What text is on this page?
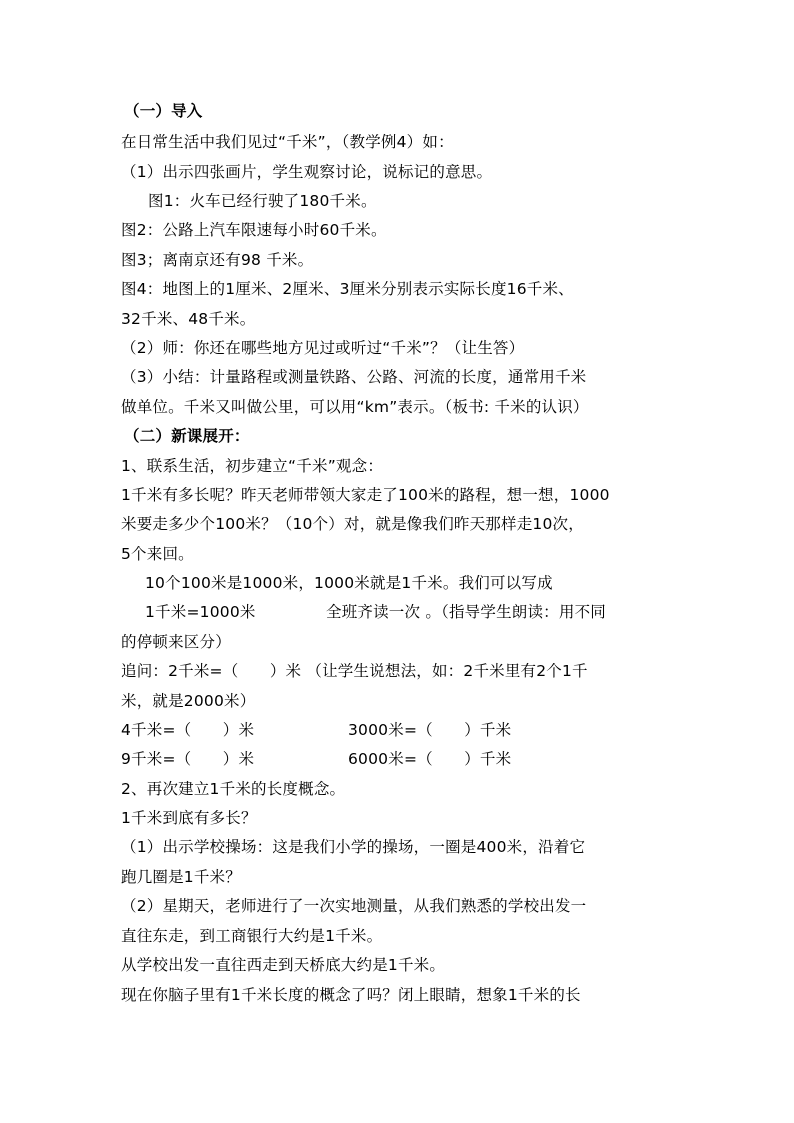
（一）导入
在日常生活中我们见过“千米”，（教学例4）如：
（1）出示四张画片，学生观察讨论，说标记的意思。
图1：火车已经行驶了180千米。
图2：公路上汽车限速每小时60千米。
图3；离南京还有98 千米。
图4：地图上的1厘米、2厘米、3厘米分别表示实际长度16千米、
32千米、48千米。
（2）师：你还在哪些地方见过或听过“千米”？（让生答）
（3）小结：计量路程或测量铁路、公路、河流的长度，通常用千米
做单位。千米又叫做公里，可以用“km”表示。（板书: 千米的认识）
（二）新课展开：
1、联系生活，初步建立“千米”观念：
1千米有多长呢？昨天老师带领大家走了100米的路程，想一想，1000
米要走多少个100米？（10个）对，就是像我们昨天那样走10次，
5个来回。
10个100米是1000米，1000米就是1千米。我们可以写成
1千米=1000米	全班齐读一次 。（指导学生朗读：用不同
的停顿来区分）
追问：2千米=（　　）米 （让学生说想法，如：2千米里有2个1千
米，就是2000米）
4千米=（　　）米	3000米=（　　）千米
9千米=（　　）米	6000米=（　　）千米
2、再次建立1千米的长度概念。
1千米到底有多长？
（1）出示学校操场：这是我们小学的操场，一圈是400米，沿着它
跑几圈是1千米？
（2）星期天，老师进行了一次实地测量，从我们熟悉的学校出发一
直往东走，到工商银行大约是1千米。
从学校出发一直往西走到天桥底大约是1千米。
现在你脑子里有1千米长度的概念了吗？闭上眼睛，想象1千米的长
